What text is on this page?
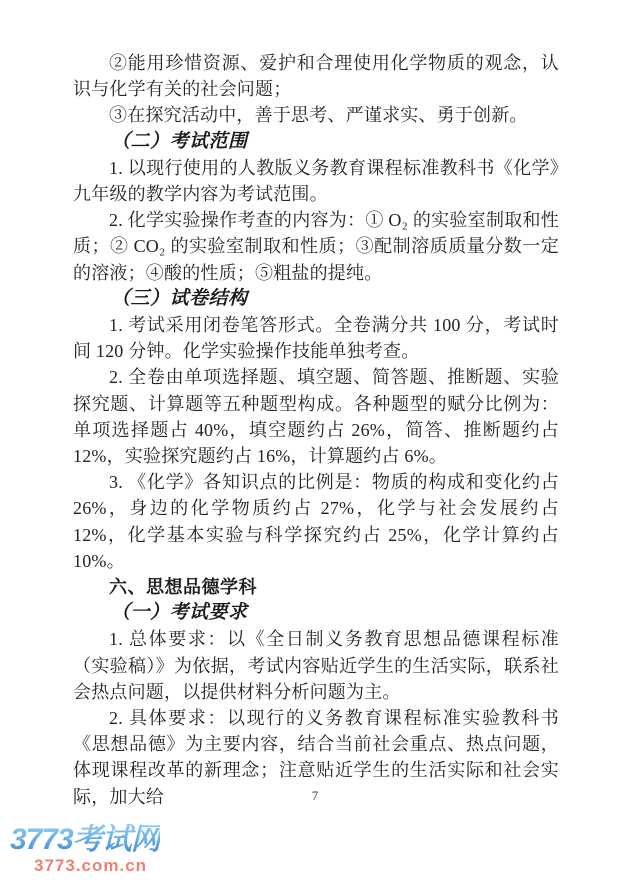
②能用珍惜资源、爱护和合理使用化学物质的观念，认识与化学有关的社会问题；

③在探究活动中，善于思考、严谨求实、勇于创新。

（二）考试范围

1. 以现行使用的人教版义务教育课程标准教科书《化学》九年级的教学内容为考试范围。

2. 化学实验操作考查的内容为：① O₂ 的实验室制取和性质；② CO₂ 的实验室制取和性质；③配制溶质质量分数一定的溶液；④酸的性质；⑤粗盐的提纯。

（三）试卷结构

1. 考试采用闭卷笔答形式。全卷满分共 100 分，考试时间 120 分钟。化学实验操作技能单独考查。

2. 全卷由单项选择题、填空题、简答题、推断题、实验探究题、计算题等五种题型构成。各种题型的赋分比例为：单项选择题占 40%，填空题约占 26%，简答、推断题约占 12%，实验探究题约占 16%，计算题约占 6%。

3. 《化学》各知识点的比例是：物质的构成和变化约占 26%，身边的化学物质约占 27%，化学与社会发展约占 12%，化学基本实验与科学探究约占 25%，化学计算约占 10%。

六、思想品德学科

（一）考试要求

1. 总体要求：以《全日制义务教育思想品德课程标准（实验稿）》为依据，考试内容贴近学生的生活实际，联系社会热点问题，以提供材料分析问题为主。

2. 具体要求：以现行的义务教育课程标准实验教科书《思想品德》为主要内容，结合当前社会重点、热点问题，体现课程改革的新理念；注意贴近学生的生活实际和社会实际，加大给	7
3773考试网
3773.com.cn
